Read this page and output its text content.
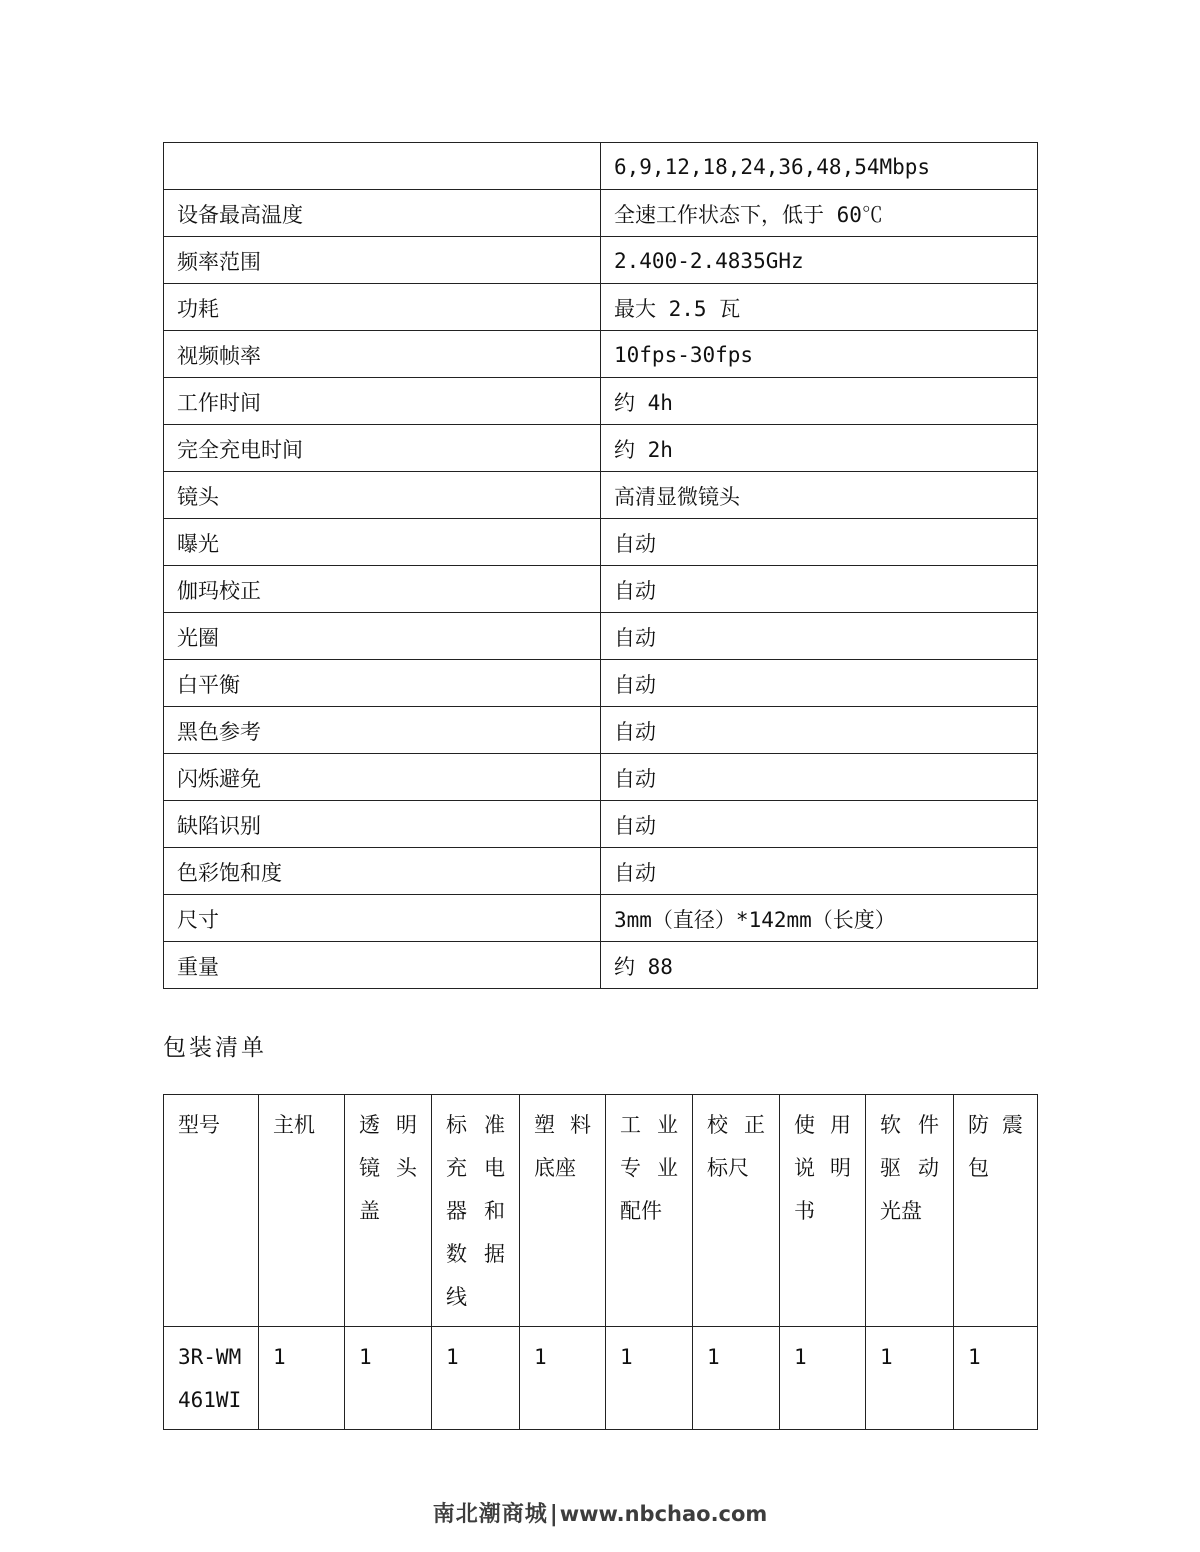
	6,9,12,18,24,36,48,54Mbps
设备最高温度	全速工作状态下，低于 60℃
频率范围	2.400-2.4835GHz
功耗	最大 2.5 瓦
视频帧率	10fps-30fps
工作时间	约 4h
完全充电时间	约 2h
镜头	高清显微镜头
曝光	自动
伽玛校正	自动
光圈	自动
白平衡	自动
黑色参考	自动
闪烁避免	自动
缺陷识别	自动
色彩饱和度	自动
尺寸	3mm（直径）*142mm（长度）
重量	约 88
包装清单
型号	主机	透明镜头盖	标准充电器和数据线	塑料底座	工业专业配件	校正标尺	使用说明书	软件驱动光盘	防震包
3R-WM 461WI	1	1	1	1	1	1	1	1	1
南北潮商城|www.nbchao.com
